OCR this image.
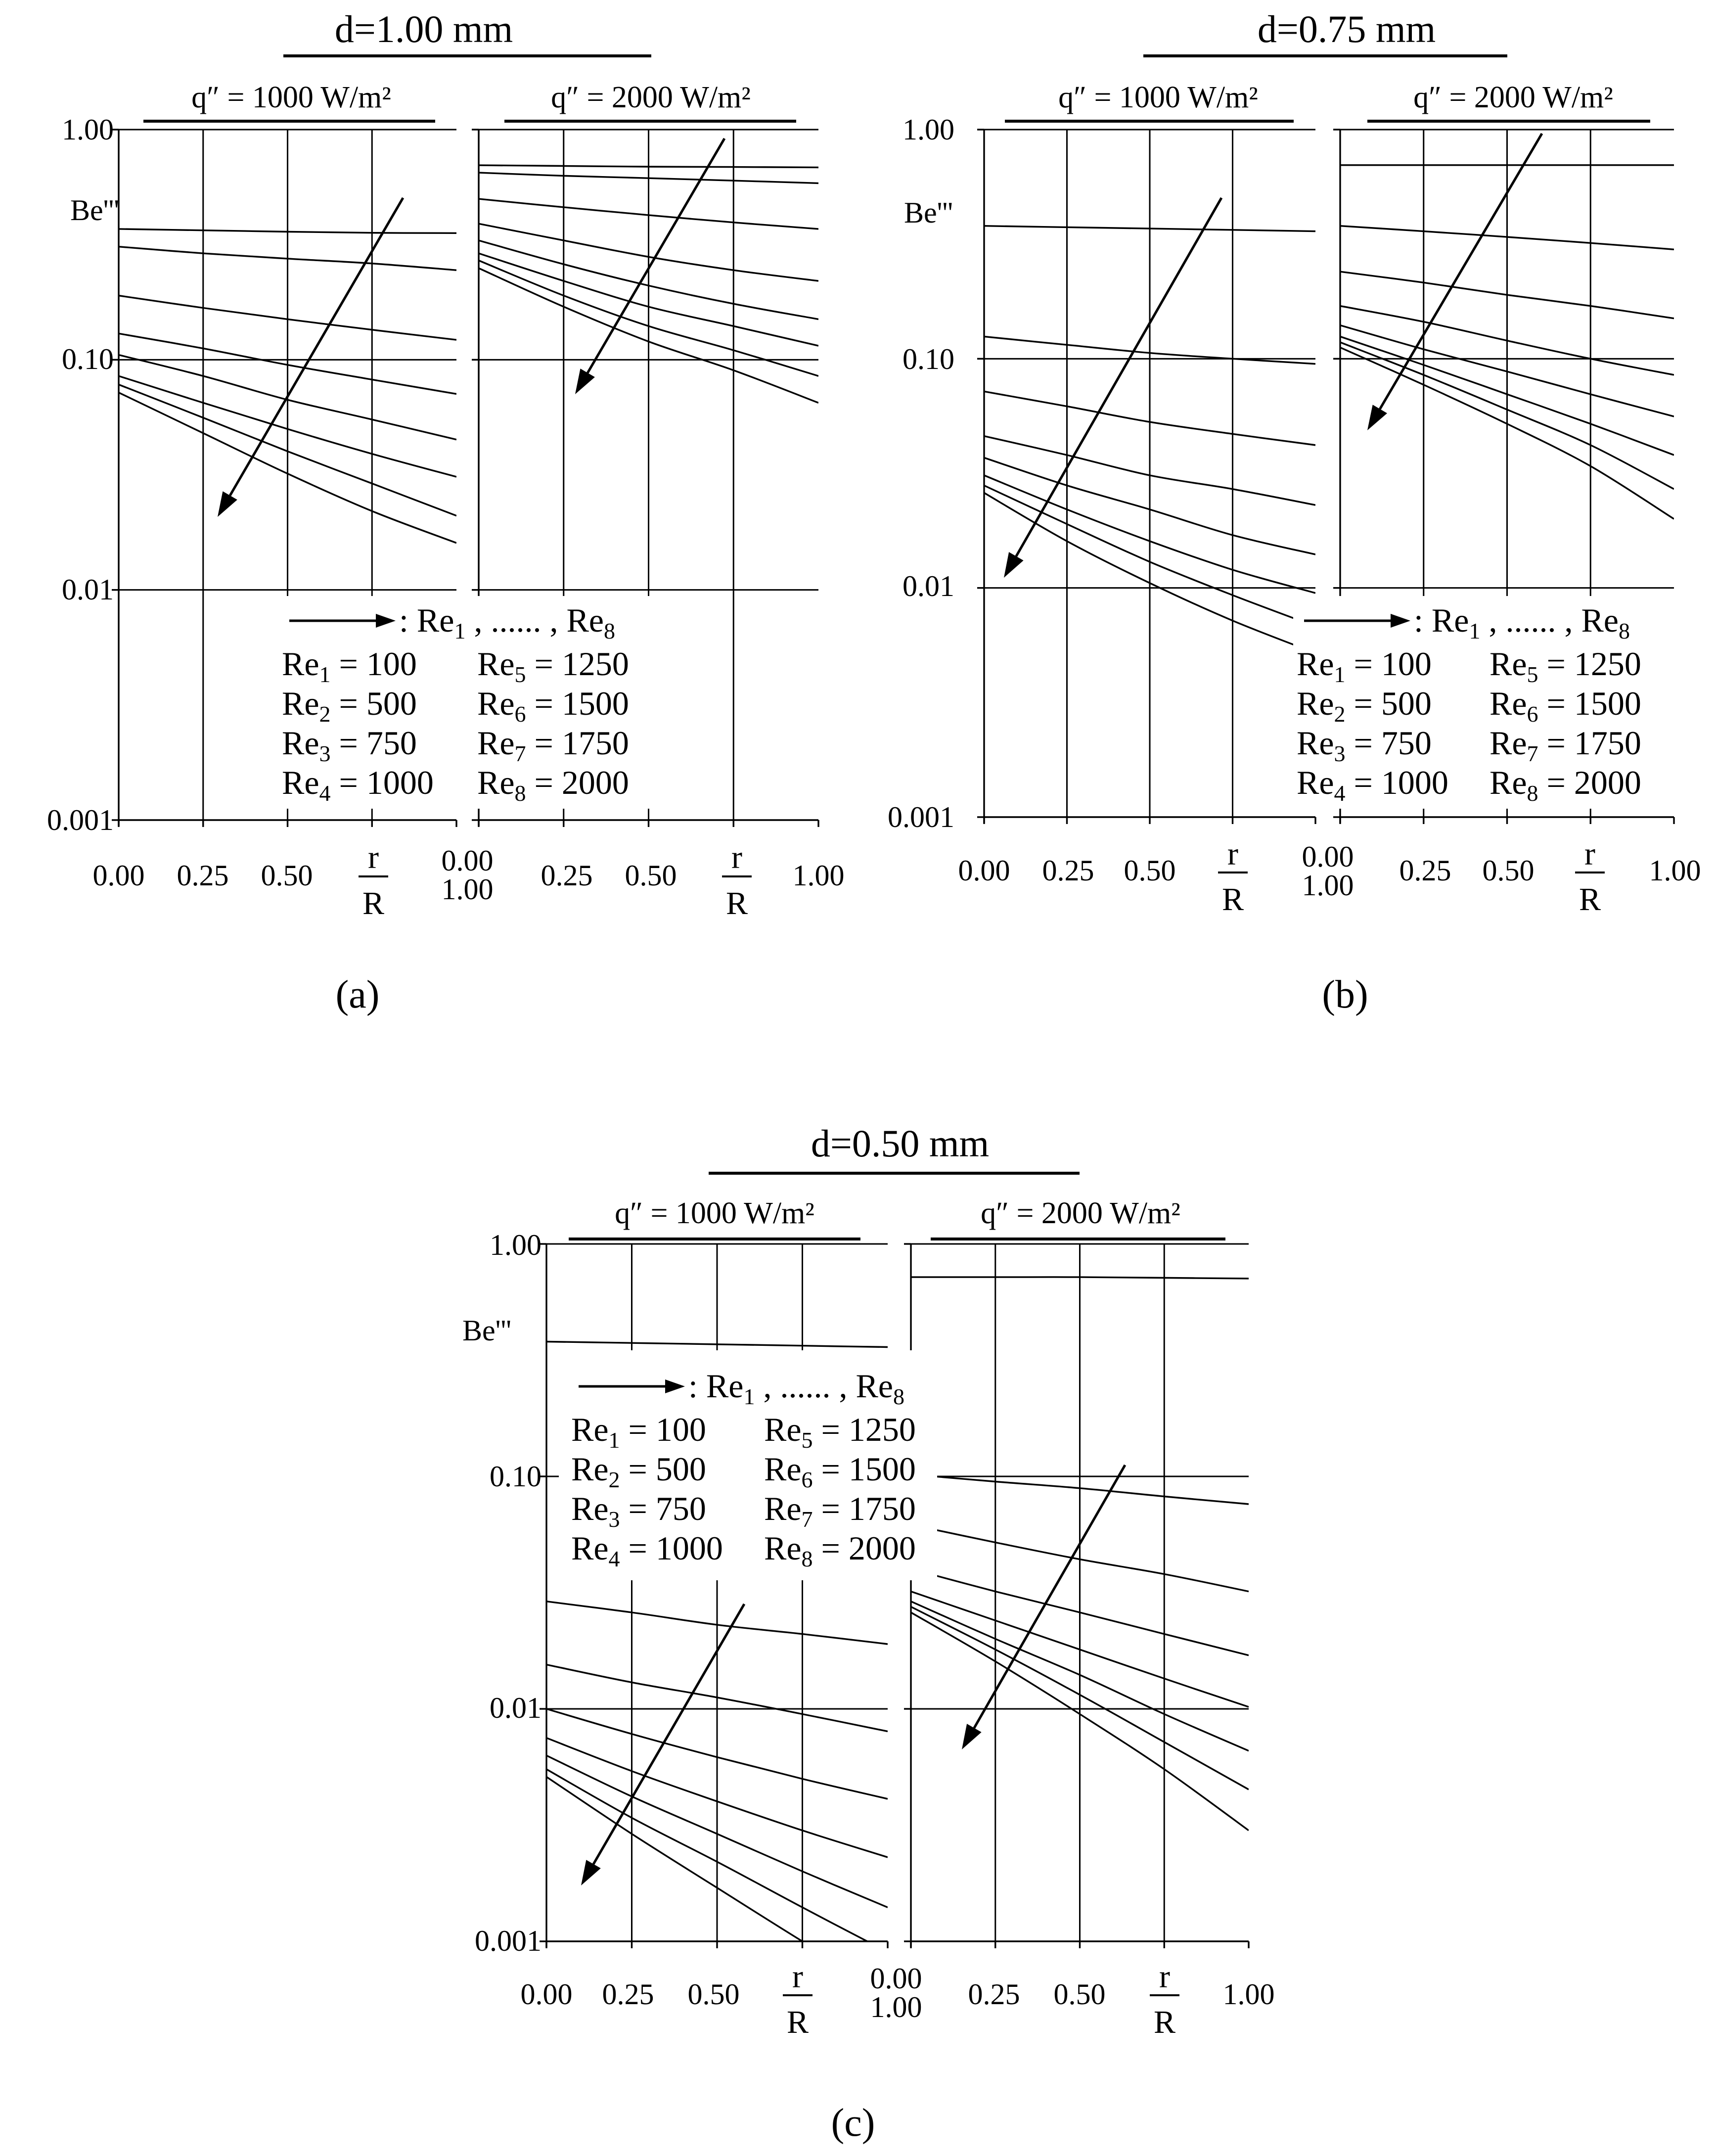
d=1.00 mm
q″ = 1000 W/m²	q″ = 2000 W/m²
1.00
0.10
0.01
0.001
Be'''
0.00 0.25 0.50 r
R
0.00
1.00 0.25 0.50 r
R
1.00
: $Re_1$ , ...... , $Re_8$
$Re_1 = 100$
$Re_2 = 500$
$Re_3 = 750$
$Re_4 = 1000$
$Re_5 = 1250$
$Re_6 = 1500$
$Re_7 = 1750$
$Re_8 = 2000$
(a)
d=0.75 mm
q″ = 1000 W/m²	q″ = 2000 W/m²
1.00
0.10
0.01
0.001
Be'''
0.00 0.25 0.50 r
R
0.00
1.00 0.25 0.50 r
R
1.00
: $Re_1$ , ...... , $Re_8$
$Re_1 = 100$
$Re_2 = 500$
$Re_3 = 750$
$Re_4 = 1000$
$Re_5 = 1250$
$Re_6 = 1500$
$Re_7 = 1750$
$Re_8 = 2000$
(b)
d=0.50 mm
q″ = 1000 W/m²	q″ = 2000 W/m²
1.00
0.10
0.01
0.001
Be'''
0.00 0.25 0.50 r
R
0.00
1.00 0.25 0.50 r
R
1.00
: $Re_1$ , ...... , $Re_8$
$Re_1 = 100$
$Re_2 = 500$
$Re_3 = 750$
$Re_4 = 1000$
$Re_5 = 1250$
$Re_6 = 1500$
$Re_7 = 1750$
$Re_8 = 2000$
(c)
